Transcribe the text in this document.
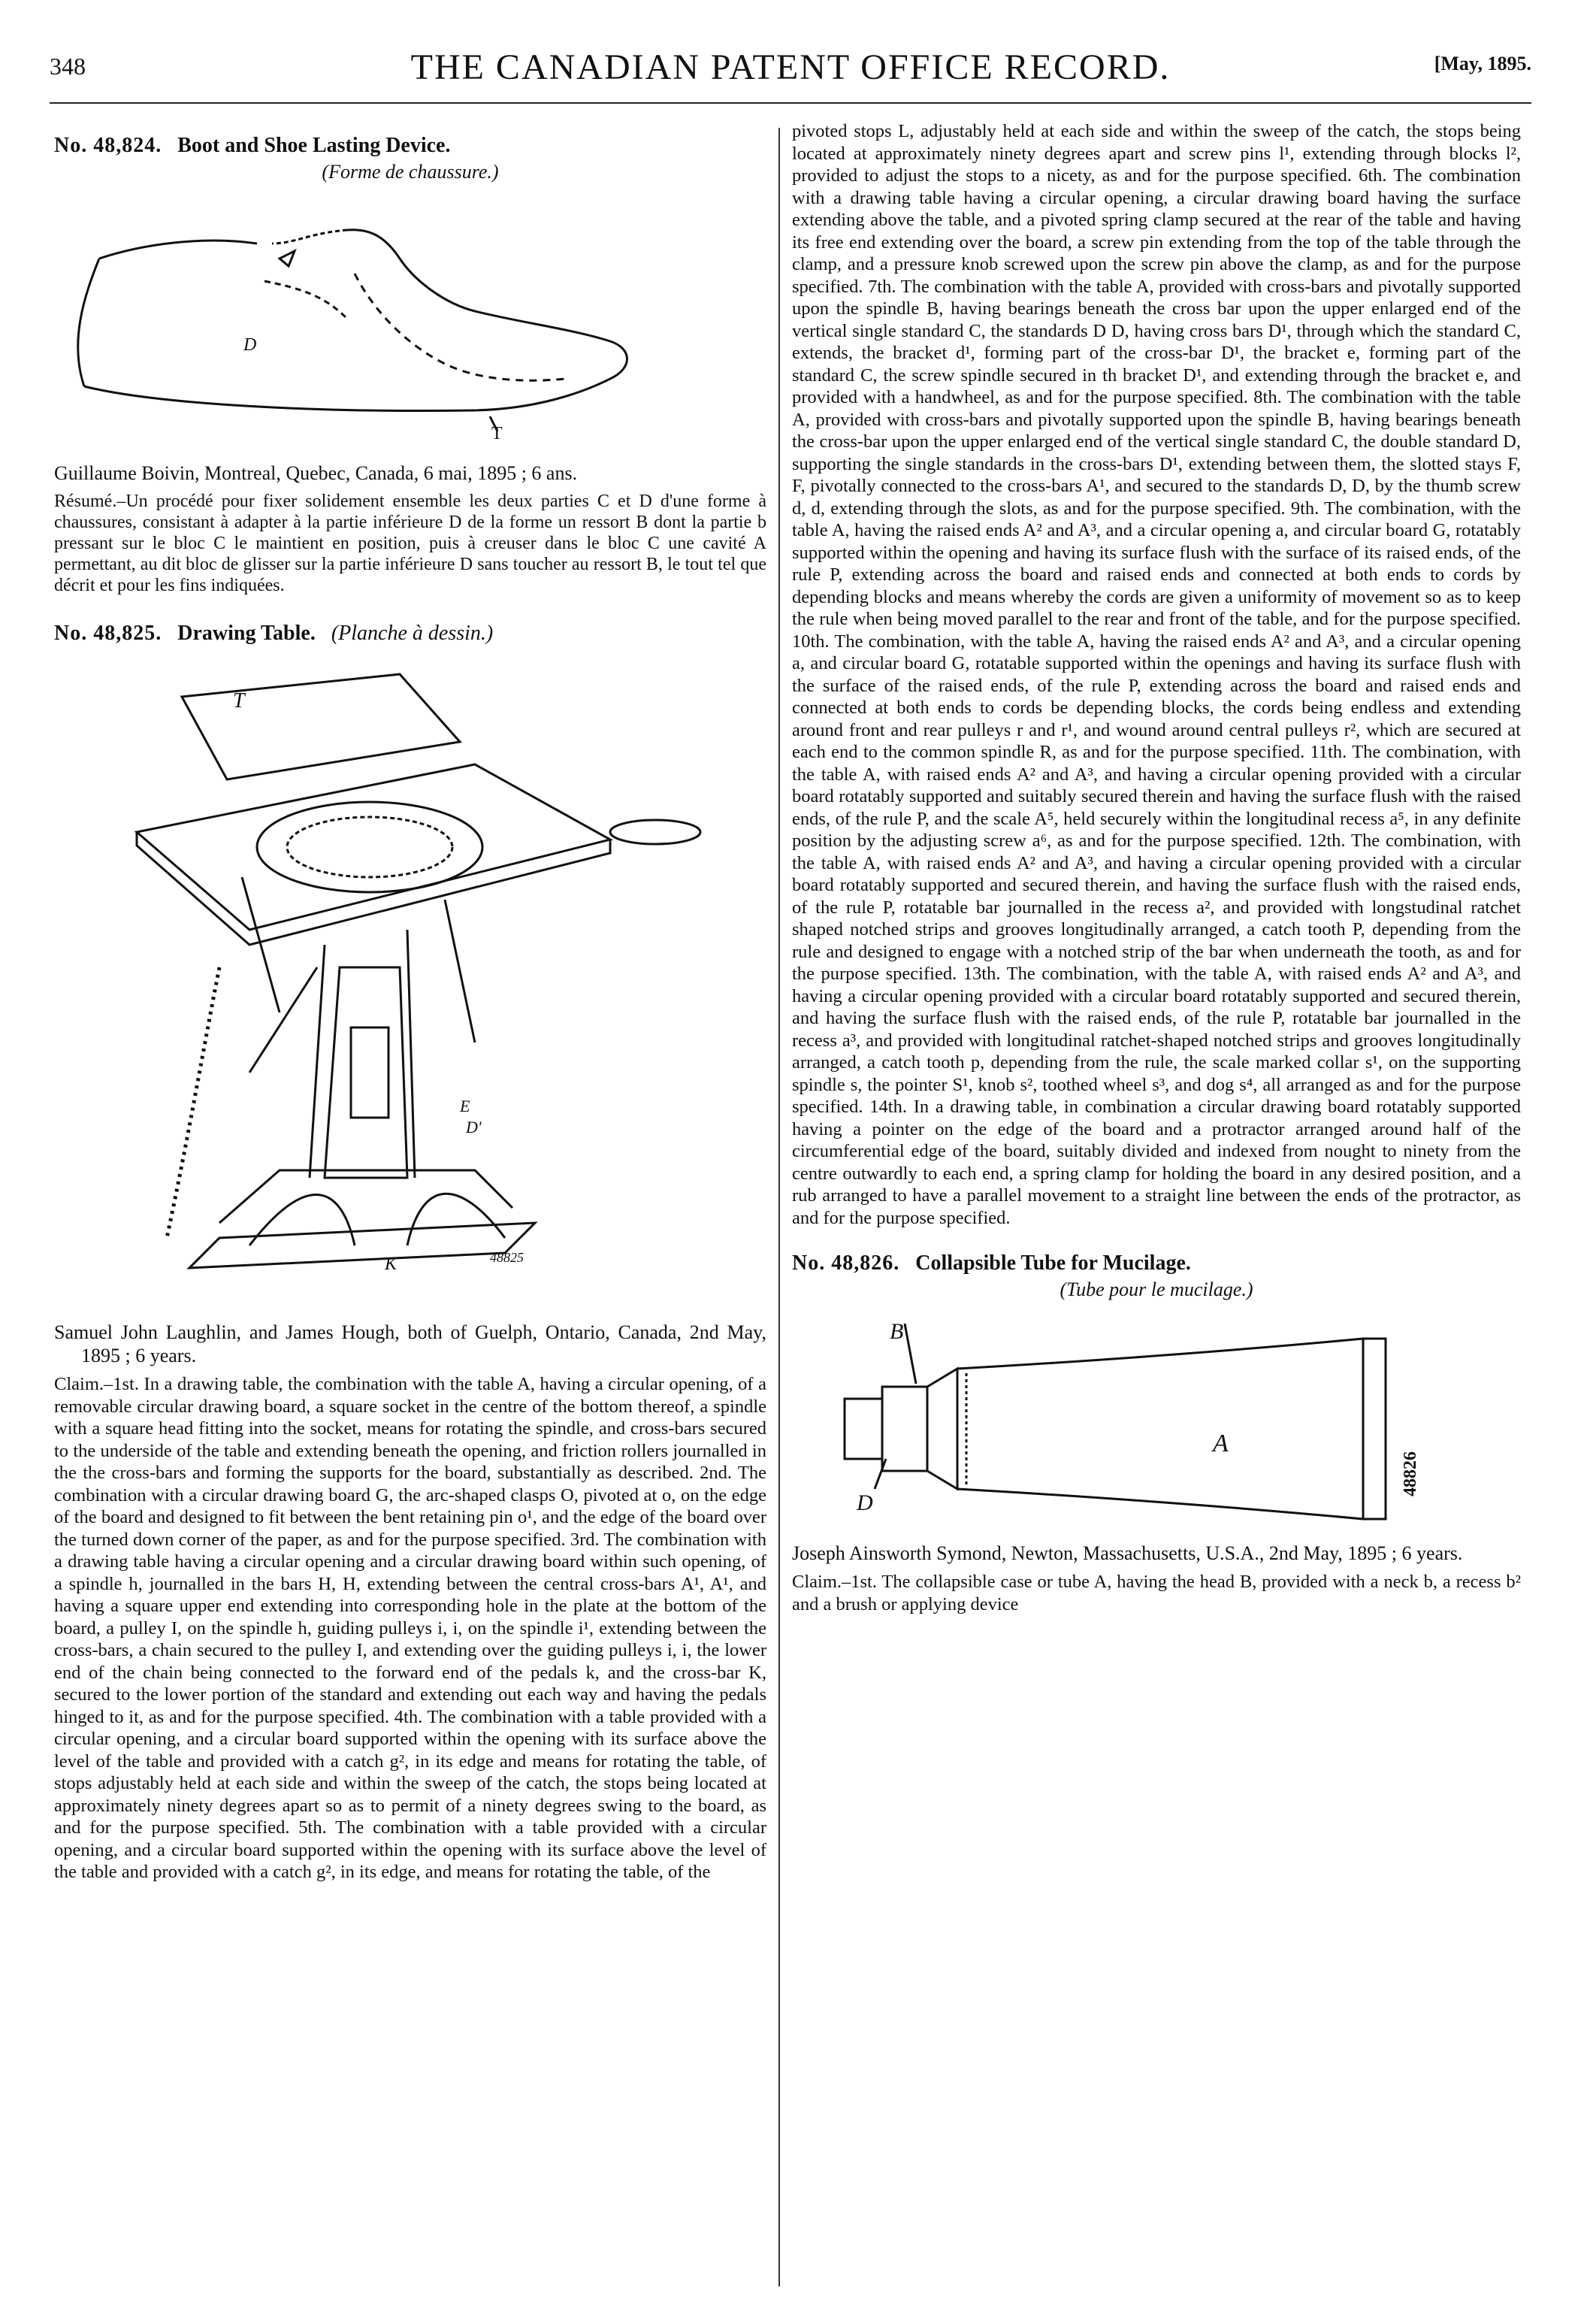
348	THE CANADIAN PATENT OFFICE RECORD.	[May, 1895.
No. 48,824. Boot and Shoe Lasting Device.
(Forme de chaussure.)
D
T

Guillaume Boivin, Montreal, Quebec, Canada, 6 mai, 1895 ; 6 ans.

Résumé.–Un procédé pour fixer solidement ensemble les deux parties C et D d'une forme à chaussures, consistant à adapter à la partie inférieure D de la forme un ressort B dont la partie b pressant sur le bloc C le maintient en position, puis à creuser dans le bloc C une cavité A permettant, au dit bloc de glisser sur la partie inférieure D sans toucher au ressort B, le tout tel que décrit et pour les fins indiquées.

No. 48,825. Drawing Table. (Planche à dessin.)
T
E
D'
K	48825

Samuel John Laughlin, and James Hough, both of Guelph, Ontario, Canada, 2nd May, 1895 ; 6 years.

Claim.–1st. In a drawing table, the combination with the table A, having a circular opening, of a removable circular drawing board, a square socket in the centre of the bottom thereof, a spindle with a square head fitting into the socket, means for rotating the spindle, and cross-bars secured to the underside of the table and extending beneath the opening, and friction rollers journalled in the the cross-bars and forming the supports for the board, substantially as described. 2nd. The combination with a circular drawing board G, the arc-shaped clasps O, pivoted at o, on the edge of the board and designed to fit between the bent retaining pin o¹, and the edge of the board over the turned down corner of the paper, as and for the purpose specified. 3rd. The combination with a drawing table having a circular opening and a circular drawing board within such opening, of a spindle h, journalled in the bars H, H, extending between the central cross-bars A¹, A¹, and having a square upper end extending into corresponding hole in the plate at the bottom of the board, a pulley I, on the spindle h, guiding pulleys i, i, on the spindle i¹, extending between the cross-bars, a chain secured to the pulley I, and extending over the guiding pulleys i, i, the lower end of the chain being connected to the forward end of the pedals k, and the cross-bar K, secured to the lower portion of the standard and extending out each way and having the pedals hinged to it, as and for the purpose specified. 4th. The combination with a table provided with a circular opening, and a circular board supported within the opening with its surface above the level of the table and provided with a catch g², in its edge and means for rotating the table, of stops adjustably held at each side and within the sweep of the catch, the stops being located at approximately ninety degrees apart so as to permit of a ninety degrees swing to the board, as and for the purpose specified. 5th. The combination with a table provided with a circular opening, and a circular board supported within the opening with its surface above the level of the table and provided with a catch g², in its edge, and means for rotating the table, of the

pivoted stops L, adjustably held at each side and within the sweep of the catch, the stops being located at approximately ninety degrees apart and screw pins l¹, extending through blocks l², provided to adjust the stops to a nicety, as and for the purpose specified. 6th. The combination with a drawing table having a circular opening, a circular drawing board having the surface extending above the table, and a pivoted spring clamp secured at the rear of the table and having its free end extending over the board, a screw pin extending from the top of the table through the clamp, and a pressure knob screwed upon the screw pin above the clamp, as and for the purpose specified. 7th. The combination with the table A, provided with cross-bars and pivotally supported upon the spindle B, having bearings beneath the cross bar upon the upper enlarged end of the vertical single standard C, the standards D D, having cross bars D¹, through which the standard C, extends, the bracket d¹, forming part of the cross-bar D¹, the bracket e, forming part of the standard C, the screw spindle secured in th bracket D¹, and extending through the bracket e, and provided with a handwheel, as and for the purpose specified. 8th. The combination with the table A, provided with cross-bars and pivotally supported upon the spindle B, having bearings beneath the cross-bar upon the upper enlarged end of the vertical single standard C, the double standard D, supporting the single standards in the cross-bars D¹, extending between them, the slotted stays F, F, pivotally connected to the cross-bars A¹, and secured to the standards D, D, by the thumb screw d, d, extending through the slots, as and for the purpose specified. 9th. The combination, with the table A, having the raised ends A² and A³, and a circular opening a, and circular board G, rotatably supported within the opening and having its surface flush with the surface of its raised ends, of the rule P, extending across the board and raised ends and connected at both ends to cords by depending blocks and means whereby the cords are given a uniformity of movement so as to keep the rule when being moved parallel to the rear and front of the table, and for the purpose specified. 10th. The combination, with the table A, having the raised ends A² and A³, and a circular opening a, and circular board G, rotatable supported within the openings and having its surface flush with the surface of the raised ends, of the rule P, extending across the board and raised ends and connected at both ends to cords be depending blocks, the cords being endless and extending around front and rear pulleys r and r¹, and wound around central pulleys r², which are secured at each end to the common spindle R, as and for the purpose specified. 11th. The combination, with the table A, with raised ends A² and A³, and having a circular opening provided with a circular board rotatably supported and suitably secured therein and having the surface flush with the raised ends, of the rule P, and the scale A⁵, held securely within the longitudinal recess a⁵, in any definite position by the adjusting screw a⁶, as and for the purpose specified. 12th. The combination, with the table A, with raised ends A² and A³, and having a circular opening provided with a circular board rotatably supported and secured therein, and having the surface flush with the raised ends, of the rule P, rotatable bar journalled in the recess a², and provided with longstudinal ratchet shaped notched strips and grooves longitudinally arranged, a catch tooth P, depending from the rule and designed to engage with a notched strip of the bar when underneath the tooth, as and for the purpose specified. 13th. The combination, with the table A, with raised ends A² and A³, and having a circular opening provided with a circular board rotatably supported and secured therein, and having the surface flush with the raised ends, of the rule P, rotatable bar journalled in the recess a³, and provided with longitudinal ratchet-shaped notched strips and grooves longitudinally arranged, a catch tooth p, depending from the rule, the scale marked collar s¹, on the supporting spindle s, the pointer S¹, knob s², toothed wheel s³, and dog s⁴, all arranged as and for the purpose specified. 14th. In a drawing table, in combination a circular drawing board rotatably supported having a pointer on the edge of the board and a protractor arranged around half of the circumferential edge of the board, suitably divided and indexed from nought to ninety from the centre outwardly to each end, a spring clamp for holding the board in any desired position, and a rub arranged to have a parallel movement to a straight line between the ends of the protractor, as and for the purpose specified.

No. 48,826. Collapsible Tube for Mucilage.
(Tube pour le mucilage.)
B
D
A
48826

Joseph Ainsworth Symond, Newton, Massachusetts, U.S.A., 2nd May, 1895 ; 6 years.

Claim.–1st. The collapsible case or tube A, having the head B, provided with a neck b, a recess b² and a brush or applying device
